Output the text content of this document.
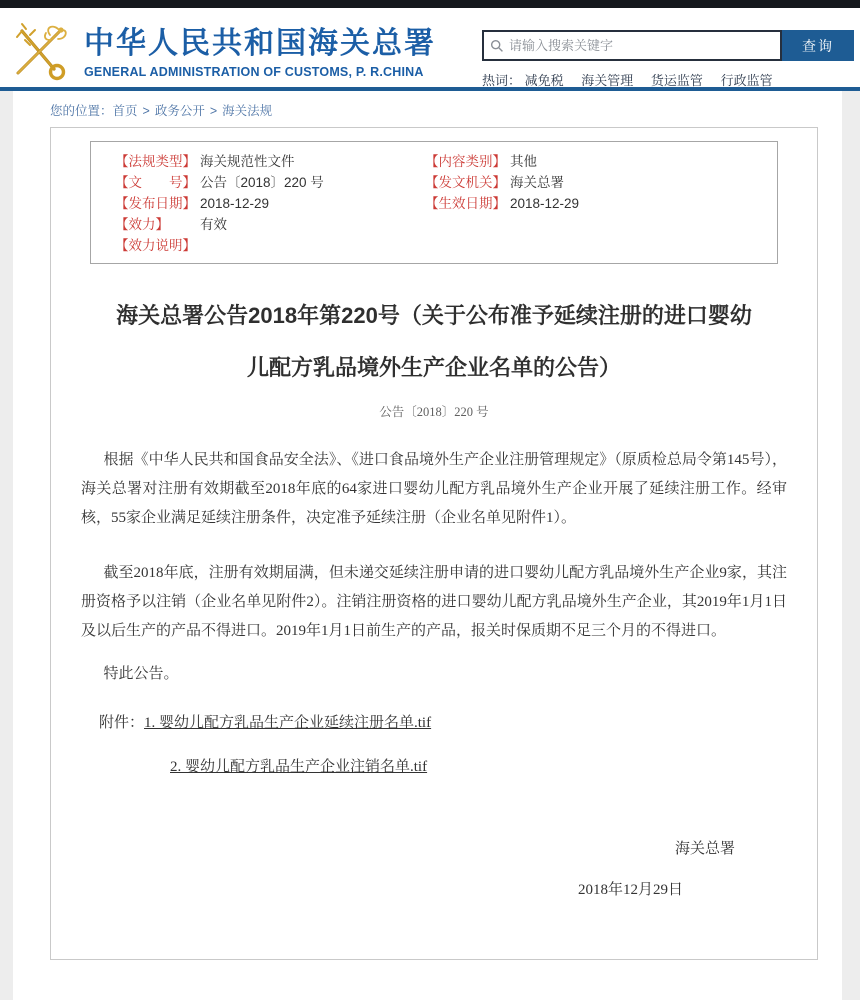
中华人民共和国海关总署
GENERAL ADMINISTRATION OF CUSTOMS, P. R.CHINA
请输入搜索关键字
查询
热词： 减免税 海关管理 货运监管 行政监管
您的位置：首页 > 政务公开 > 海关法规
【法规类型】 海关规范性文件
【文　　号】 公告〔2018〕220 号
【发布日期】 2018-12-29
【效力】	有效
【效力说明】
【内容类别】 其他
【发文机关】 海关总署
【生效日期】 2018-12-29
海关总署公告2018年第220号（关于公布准予延续注册的进口婴幼儿配方乳品境外生产企业名单的公告）
公告〔2018〕220 号

根据《中华人民共和国食品安全法》、《进口食品境外生产企业注册管理规定》（原质检总局令第145号），海关总署对注册有效期截至2018年底的64家进口婴幼儿配方乳品境外生产企业开展了延续注册工作。经审核，55家企业满足延续注册条件，决定准予延续注册（企业名单见附件1）。

截至2018年底，注册有效期届满，但未递交延续注册申请的进口婴幼儿配方乳品境外生产企业9家，其注册资格予以注销（企业名单见附件2）。注销注册资格的进口婴幼儿配方乳品境外生产企业，其2019年1月1日及以后生产的产品不得进口。2019年1月1日前生产的产品，报关时保质期不足三个月的不得进口。

特此公告。

附件：1. 婴幼儿配方乳品生产企业延续注册名单.tif
2. 婴幼儿配方乳品生产企业注销名单.tif
海关总署
2018年12月29日
